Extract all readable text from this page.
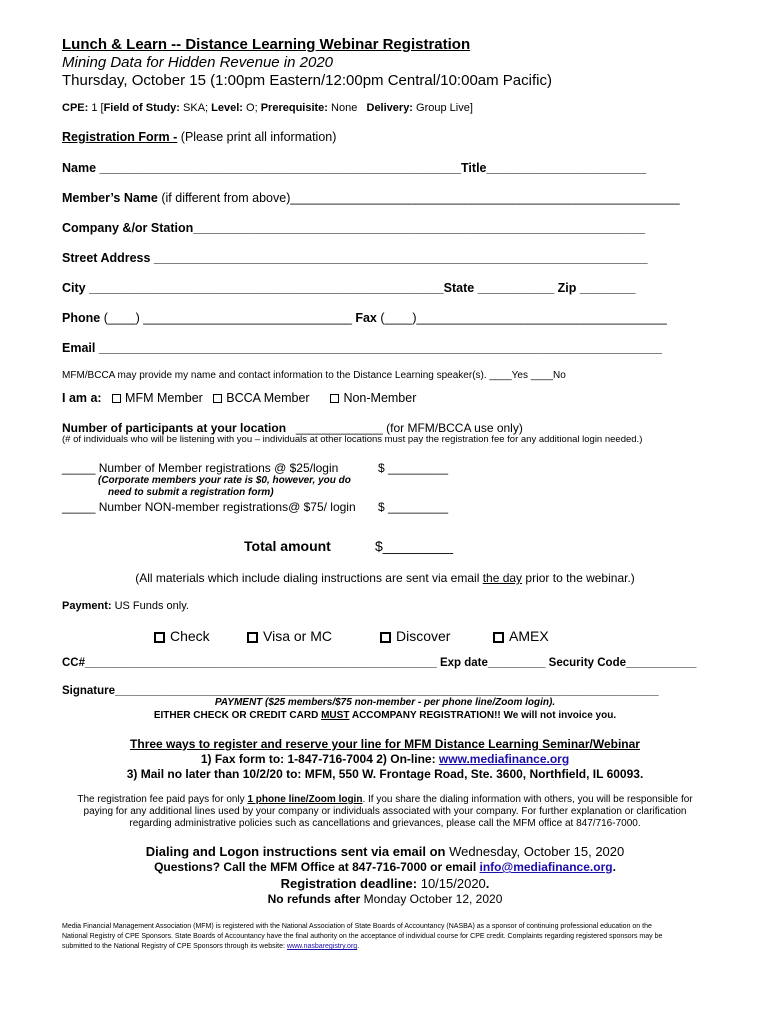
Lunch & Learn -- Distance Learning Webinar Registration
Mining Data for Hidden Revenue in 2020
Thursday, October 15 (1:00pm Eastern/12:00pm Central/10:00am Pacific)
CPE: 1 [Field of Study: SKA; Level: O; Prerequisite: None Delivery: Group Live]
Registration Form - (Please print all information)
Name ____________________________________________________Title_______________________
Member’s Name (if different from above)________________________________________________________
Company &/or Station_________________________________________________________________
Street Address _______________________________________________________________________
City ___________________________________________________State ___________ Zip ________
Phone (____) ______________________________ Fax (____)____________________________________
Email _________________________________________________________________________________
MFM/BCCA may provide my name and contact information to the Distance Learning speaker(s). ____Yes ____No
I am a: MFM Member BCCA Member	Non-Member
Number of participants at your location _____________ (for MFM/BCCA use only)
(# of individuals who will be listening with you – individuals at other locations must pay the registration fee for any additional login needed.)
_____ Number of Member registrations @ $25/login	$ _________
(Corporate members your rate is $0, however, you do
need to submit a registration form)
_____ Number NON-member registrations@ $75/ login $ _________
Total amount	$_________
(All materials which include dialing instructions are sent via email the day prior to the webinar.)
Payment: US Funds only.
Check	Visa or MC	Discover	AMEX
CC#_______________________________________________________ Exp date_________ Security Code___________
Signature_____________________________________________________________________________________
PAYMENT ($25 members/$75 non-member - per phone line/Zoom login).
EITHER CHECK OR CREDIT CARD MUST ACCOMPANY REGISTRATION!! We will not invoice you.
Three ways to register and reserve your line for MFM Distance Learning Seminar/Webinar
1) Fax form to: 1-847-716-7004 2) On-line: www.mediafinance.org
3) Mail no later than 10/2/20 to: MFM, 550 W. Frontage Road, Ste. 3600, Northfield, IL 60093.
The registration fee paid pays for only 1 phone line/Zoom login. If you share the dialing information with others, you will be responsible for
paying for any additional lines used by your company or individuals associated with your company. For further explanation or clarification
regarding administrative policies such as cancellations and grievances, please call the MFM office at 847/716-7000.
Dialing and Logon instructions sent via email on Wednesday, October 15, 2020
Questions? Call the MFM Office at 847-716-7000 or email info@mediafinance.org.
Registration deadline: 10/15/2020.
No refunds after Monday October 12, 2020
Media Financial Management Association (MFM) is registered with the National Association of State Boards of Accountancy (NASBA) as a sponsor of continuing professional education on the
National Registry of CPE Sponsors. State Boards of Accountancy have the final authority on the acceptance of individual course for CPE credit. Complaints regarding registered sponsors may be
submitted to the National Registry of CPE Sponsors through its website: www.nasbaregistry.org.
